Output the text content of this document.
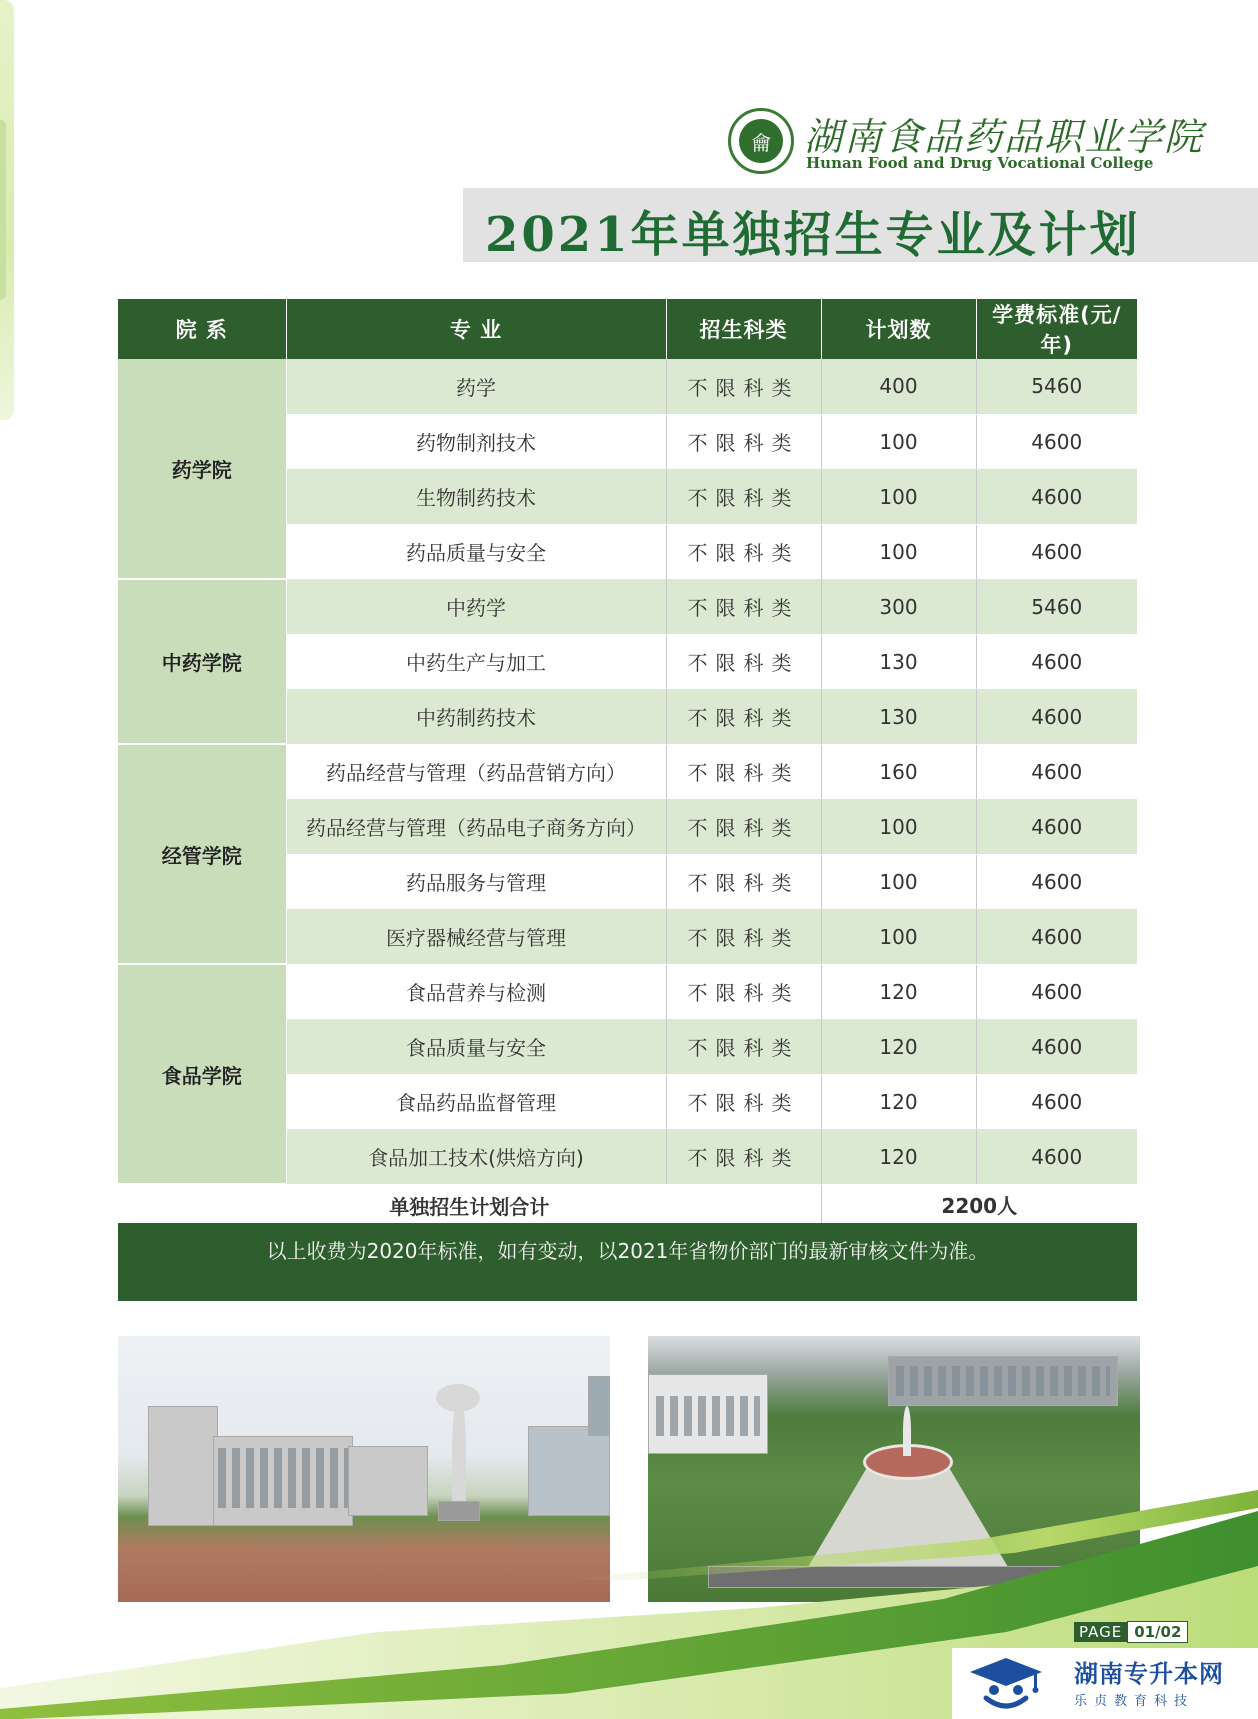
龠 湖南食品药品职业学院
Hunan Food and Drug Vocational College
2021年单独招生专业及计划
院 系	专 业	招生科类	计划数	学费标准(元/年)
药学院	药学	不限科类	400	5460
	药物制剂技术	不限科类	100	4600
	生物制药技术	不限科类	100	4600
	药品质量与安全	不限科类	100	4600
中药学院	中药学	不限科类	300	5460
	中药生产与加工	不限科类	130	4600
	中药制药技术	不限科类	130	4600
经管学院	药品经营与管理（药品营销方向）	不限科类	160	4600
	药品经营与管理（药品电子商务方向）	不限科类	100	4600
	药品服务与管理	不限科类	100	4600
	医疗器械经营与管理	不限科类	100	4600
食品学院	食品营养与检测	不限科类	120	4600
	食品质量与安全	不限科类	120	4600
	食品药品监督管理	不限科类	120	4600
	食品加工技术(烘焙方向)	不限科类	120	4600
单独招生计划合计			2200人	
以上收费为2020年标准，如有变动，以2021年省物价部门的最新审核文件为准。
PAGE 01/02
湖南专升本网
乐贞教育科技
